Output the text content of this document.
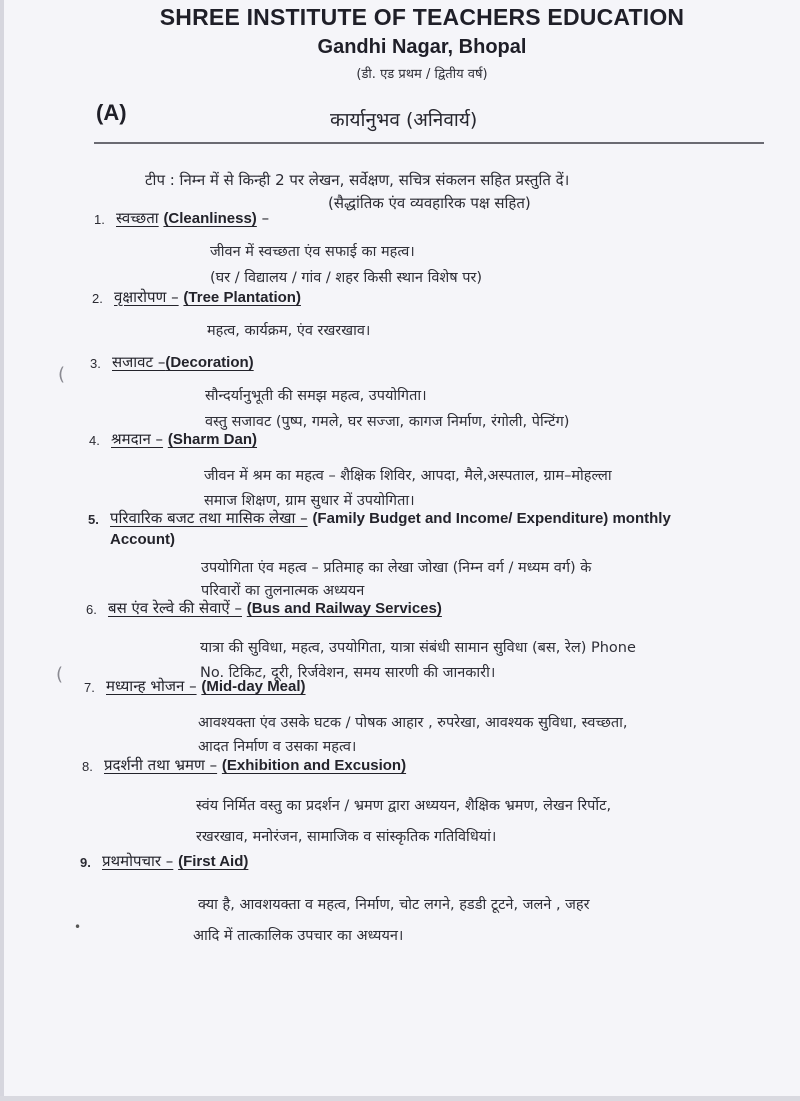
SHREE INSTITUTE OF TEACHERS EDUCATION
Gandhi Nagar, Bhopal
(डी. एड प्रथम / द्वितीय वर्ष)
(A)	कार्यानुभव (अनिवार्य)
टीप : निम्न में से किन्ही 2 पर लेखन, सर्वेक्षण, सचित्र संकलन सहित प्रस्तुति दें।
(सैद्धांतिक एंव व्यवहारिक पक्ष सहित)
1. स्वच्छता (Cleanliness) –
जीवन में स्वच्छता एंव सफाई का महत्व।
(घर / विद्यालय / गांव / शहर किसी स्थान विशेष पर)
2. वृक्षारोपण – (Tree Plantation)
महत्व, कार्यक्रम, एंव रखरखाव।
3. सजावट –(Decoration)
सौन्दर्यानुभूती की समझ महत्व, उपयोगिता।
वस्तु सजावट (पुष्प, गमले, घर सज्जा, कागज निर्माण, रंगोली, पेन्टिंग)
4. श्रमदान – (Sharm Dan)
जीवन में श्रम का महत्व – शैक्षिक शिविर, आपदा, मैले,अस्पताल, ग्राम–मोहल्ला
समाज शिक्षण, ग्राम सुधार में उपयोगिता।
5. परिवारिक बजट तथा मासिक लेखा – (Family Budget and Income/ Expenditure) monthly
Account)
उपयोगिता एंव महत्व – प्रतिमाह का लेखा जोखा (निम्न वर्ग / मध्यम वर्ग) के
परिवारों का तुलनात्मक अध्ययन
6. बस एंव रेल्वे की सेवाऐं – (Bus and Railway Services)
यात्रा की सुविधा, महत्व, उपयोगिता, यात्रा संबंधी सामान सुविधा (बस, रेल) Phone
No. टिकिट, दूरी, रिर्जवेशन, समय सारणी की जानकारी।
7. मध्यान्ह भोजन – (Mid-day Meal)
आवश्यक्ता एंव उसके घटक / पोषक आहार , रुपरेखा, आवश्यक सुविधा, स्वच्छता,
आदत निर्माण व उसका महत्व।
8. प्रदर्शनी तथा भ्रमण – (Exhibition and Excusion)
स्वंय निर्मित वस्तु का प्रदर्शन / भ्रमण द्वारा अध्ययन, शैक्षिक भ्रमण, लेखन रिर्पोट,
रखरखाव, मनोरंजन, सामाजिक व सांस्कृतिक गतिविधियां।
9. प्रथमोपचार – (First Aid)
क्या है, आवशयक्ता व महत्व, निर्माण, चोट लगने, हडडी टूटने, जलने , जहर
आदि में तात्कालिक उपचार का अध्ययन।
(
(
•
